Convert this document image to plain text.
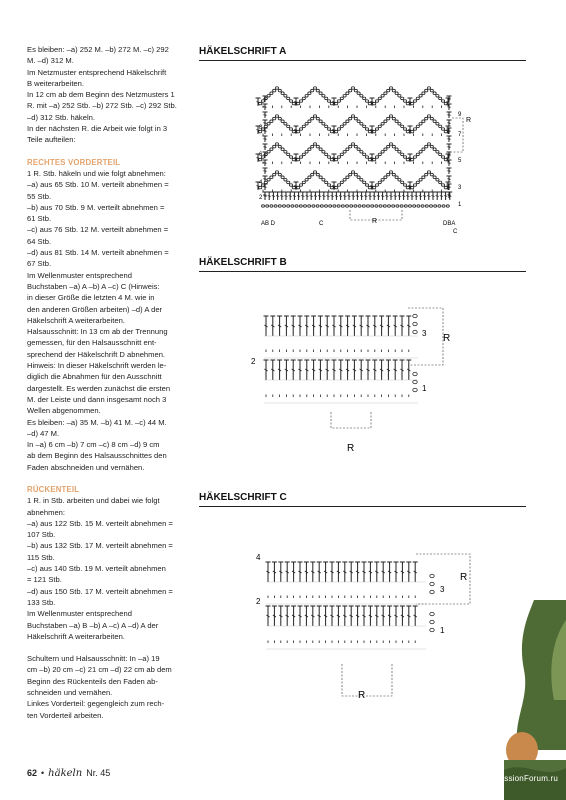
Es bleiben: –a) 252 M. –b) 272 M. –c) 292

M. –d) 312 M.

Im Netzmuster entsprechend Häkelschrift

B weiterarbeiten.

In 12 cm ab dem Beginn des Netzmusters 1

R. mit –a) 252 Stb. –b) 272 Stb. –c) 292 Stb.

–d) 312 Stb. häkeln.

In der nächsten R. die Arbeit wie folgt in 3

Teile aufteilen:

RECHTES VORDERTEIL

1 R. Stb. häkeln und wie folgt abnehmen:

–a) aus 65 Stb. 10 M. verteilt abnehmen =

55 Stb.

–b) aus 70 Stb. 9 M. verteilt abnehmen =

61 Stb.

–c) aus 76 Stb. 12 M. verteilt abnehmen =

64 Stb.

–d) aus 81 Stb. 14 M. verteilt abnehmen =

67 Stb.

Im Wellenmuster entsprechend

Buchstaben –a) A –b) A –c) C (Hinweis:

in dieser Größe die letzten 4 M. wie in

den anderen Größen arbeiten) –d) A der

Häkelschrift A weiterarbeiten.

Halsausschnitt: In 13 cm ab der Trennung

gemessen, für den Halsausschnitt ent-

sprechend der Häkelschrift D abnehmen.

Hinweis: In dieser Häkelschrift werden le-

diglich die Abnahmen für den Ausschnitt

dargestellt. Es werden zunächst die ersten

M. der Leiste und dann insgesamt noch 3

Wellen abgenommen.

Es bleiben: –a) 35 M. –b) 41 M. –c) 44 M.

–d) 47 M.

In –a) 6 cm –b) 7 cm –c) 8 cm –d) 9 cm

ab dem Beginn des Halsausschnittes den

Faden abschneiden und vernähen.

RÜCKENTEIL

1 R. in Stb. arbeiten und dabei wie folgt

abnehmen:

–a) aus 122 Stb. 15 M. verteilt abnehmen =

107 Stb.

–b) aus 132 Stb. 17 M. verteilt abnehmen =

115 Stb.

–c) aus 140 Stb. 19 M. verteilt abnehmen

= 121 Stb.

–d) aus 150 Stb. 17 M. verteilt abnehmen =

133 Stb.

Im Wellenmuster entsprechend

Buchstaben –a) B –b) A –c) A –d) A der

Häkelschrift A weiterarbeiten.

Schultern und Halsausschnitt: In –a) 19

cm –b) 20 cm –c) 21 cm –d) 22 cm ab dem

Beginn des Rückenteils den Faden ab-

schneiden und vernähen.

Linkes Vorderteil: gegengleich zum rech-

ten Vorderteil arbeiten.

HÄKELSCHRIFT A
HÄKELSCHRIFT B
HÄKELSCHRIFT C
8
6
4
2
9
7
5
3
1
R
AB D	C	R	DBA
C
2
3
1
R
R
4
2
3
1
R
R
62 • häkeln Nr. 45
PassionForum.ru
